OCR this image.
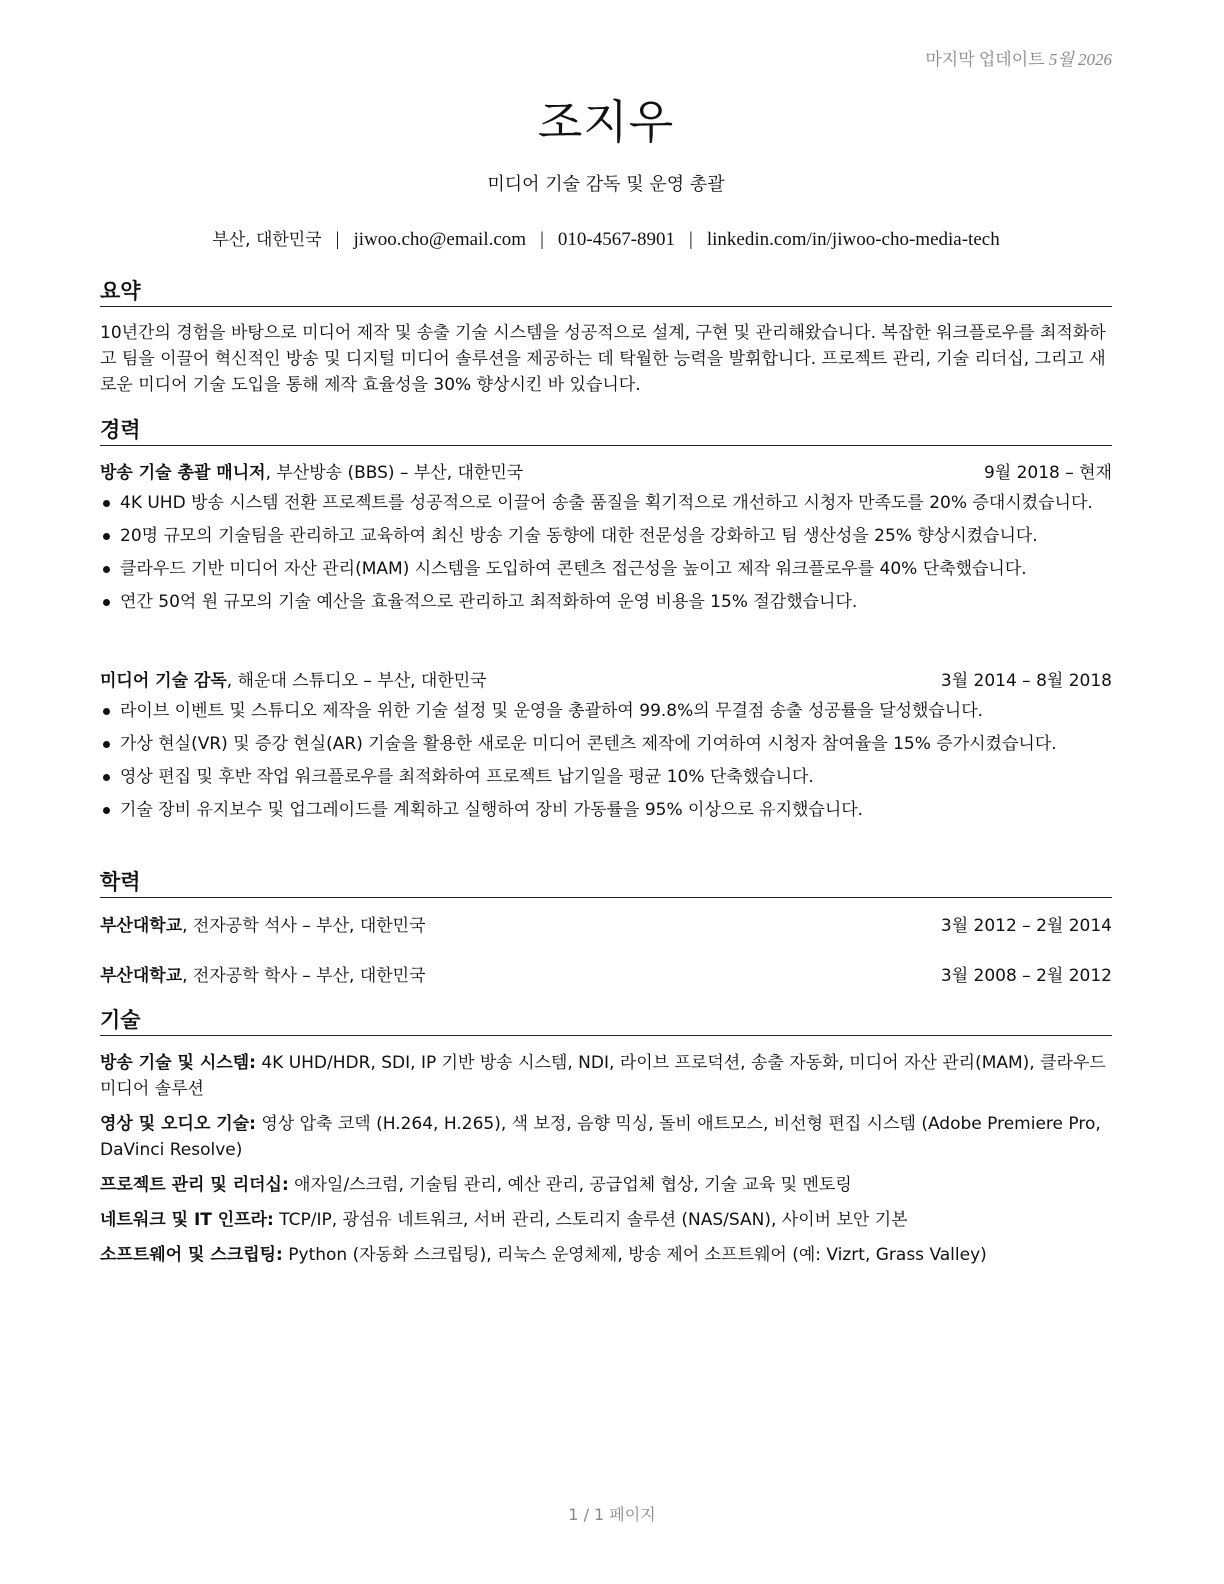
마지막 업데이트 5월 2026
조지우
미디어 기술 감독 및 운영 총괄
부산, 대한민국 | jiwoo.cho@email.com | 010-4567-8901 | linkedin.com/in/jiwoo-cho-media-tech
요약
10년간의 경험을 바탕으로 미디어 제작 및 송출 기술 시스템을 성공적으로 설계, 구현 및 관리해왔습니다. 복잡한 워크플로우를 최적화하고 팀을 이끌어 혁신적인 방송 및 디지털 미디어 솔루션을 제공하는 데 탁월한 능력을 발휘합니다. 프로젝트 관리, 기술 리더십, 그리고 새로운 미디어 기술 도입을 통해 제작 효율성을 30% 향상시킨 바 있습니다.
경력
방송 기술 총괄 매니저, 부산방송 (BBS) – 부산, 대한민국	9월 2018 – 현재
4K UHD 방송 시스템 전환 프로젝트를 성공적으로 이끌어 송출 품질을 획기적으로 개선하고 시청자 만족도를 20% 증대시켰습니다.
20명 규모의 기술팀을 관리하고 교육하여 최신 방송 기술 동향에 대한 전문성을 강화하고 팀 생산성을 25% 향상시켰습니다.
클라우드 기반 미디어 자산 관리(MAM) 시스템을 도입하여 콘텐츠 접근성을 높이고 제작 워크플로우를 40% 단축했습니다.
연간 50억 원 규모의 기술 예산을 효율적으로 관리하고 최적화하여 운영 비용을 15% 절감했습니다.
미디어 기술 감독, 해운대 스튜디오 – 부산, 대한민국	3월 2014 – 8월 2018
라이브 이벤트 및 스튜디오 제작을 위한 기술 설정 및 운영을 총괄하여 99.8%의 무결점 송출 성공률을 달성했습니다.
가상 현실(VR) 및 증강 현실(AR) 기술을 활용한 새로운 미디어 콘텐츠 제작에 기여하여 시청자 참여율을 15% 증가시켰습니다.
영상 편집 및 후반 작업 워크플로우를 최적화하여 프로젝트 납기일을 평균 10% 단축했습니다.
기술 장비 유지보수 및 업그레이드를 계획하고 실행하여 장비 가동률을 95% 이상으로 유지했습니다.
학력
부산대학교, 전자공학 석사 – 부산, 대한민국	3월 2012 – 2월 2014
부산대학교, 전자공학 학사 – 부산, 대한민국	3월 2008 – 2월 2012
기술
방송 기술 및 시스템: 4K UHD/HDR, SDI, IP 기반 방송 시스템, NDI, 라이브 프로덕션, 송출 자동화, 미디어 자산 관리(MAM), 클라우드 미디어 솔루션
영상 및 오디오 기술: 영상 압축 코덱 (H.264, H.265), 색 보정, 음향 믹싱, 돌비 애트모스, 비선형 편집 시스템 (Adobe Premiere Pro, DaVinci Resolve)
프로젝트 관리 및 리더십: 애자일/스크럼, 기술팀 관리, 예산 관리, 공급업체 협상, 기술 교육 및 멘토링
네트워크 및 IT 인프라: TCP/IP, 광섬유 네트워크, 서버 관리, 스토리지 솔루션 (NAS/SAN), 사이버 보안 기본
소프트웨어 및 스크립팅: Python (자동화 스크립팅), 리눅스 운영체제, 방송 제어 소프트웨어 (예: Vizrt, Grass Valley)
1 / 1 페이지
